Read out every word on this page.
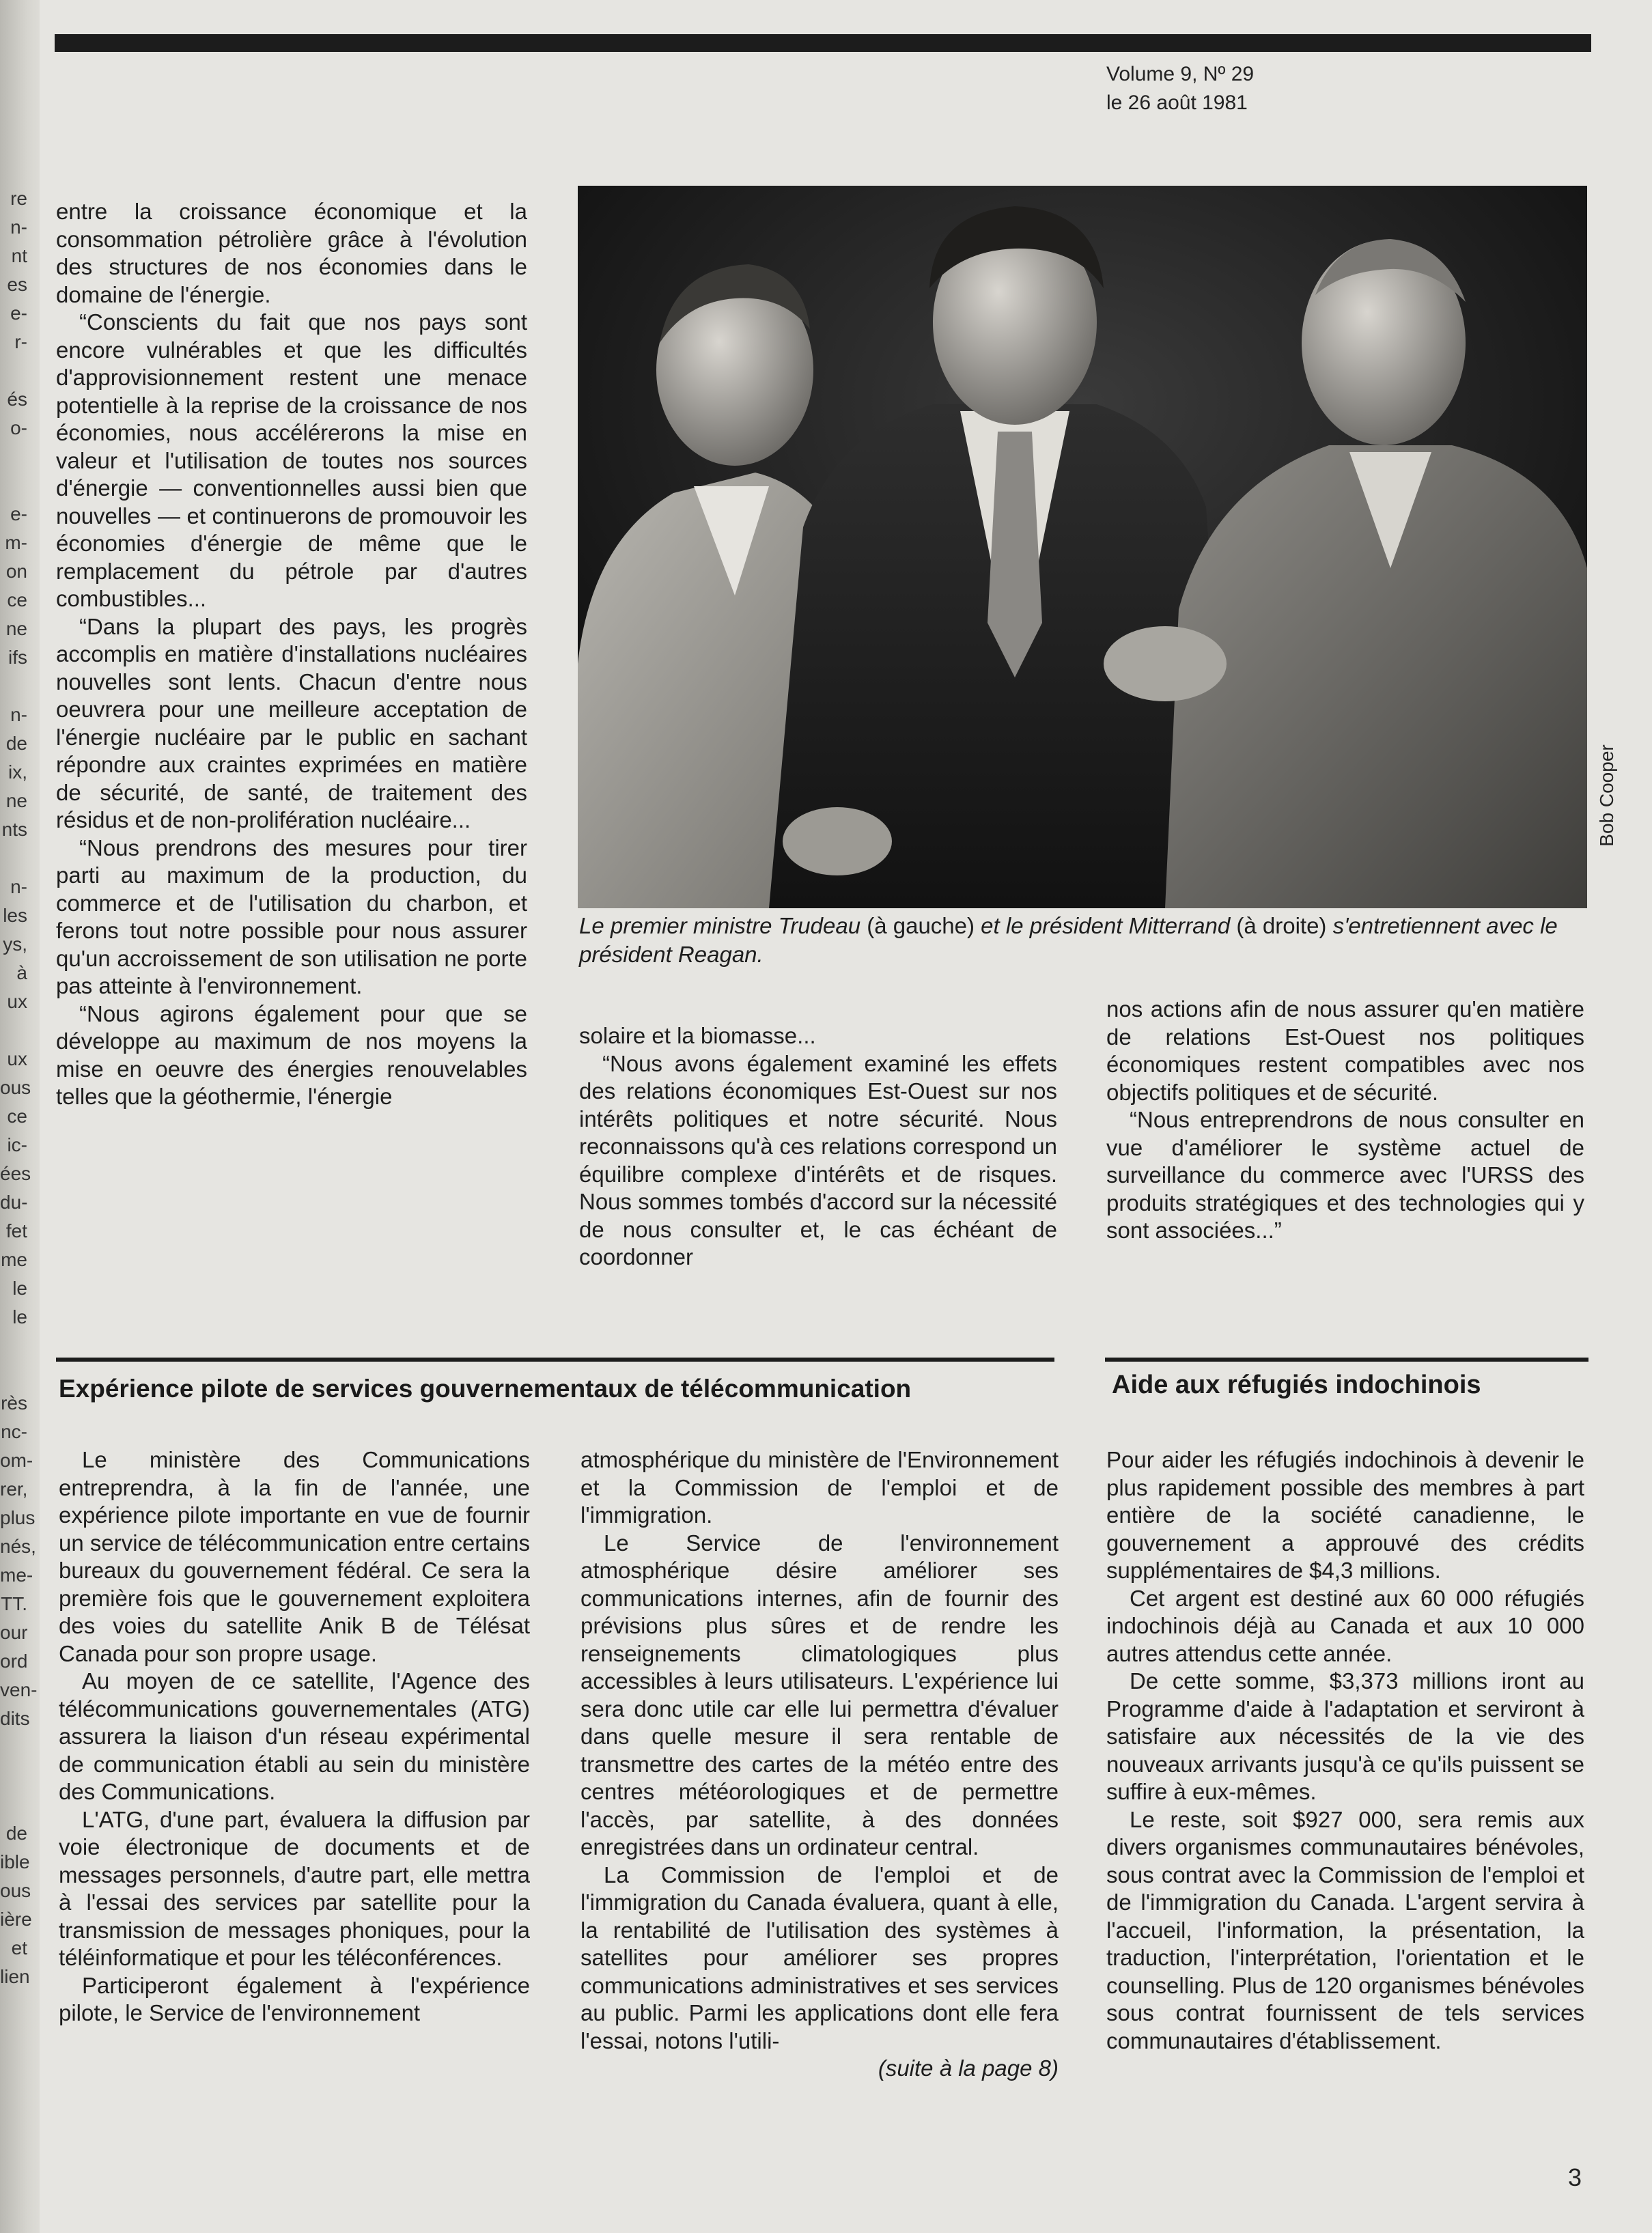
re
n-
nt
es
e-
r-
és
o-
e-
m-
on
ce
ne
ifs
n-
de
ix,
ne
nts
n-
les
ys,
à
ux
ux
ous
ce
ic-
ées
du-
fet
me
le
le
rès
nc-
om-
rer,
plus
nés,
me-
TT.
our
ord
ven-
dits
de
ible
ous
ière
et
lien
Volume 9, Nº 29
le 26 août 1981

entre la croissance économique et la consommation pétrolière grâce à l'évolution des structures de nos économies dans le domaine de l'énergie.

“Conscients du fait que nos pays sont encore vulnérables et que les difficultés d'approvisionnement restent une menace potentielle à la reprise de la croissance de nos économies, nous accélérerons la mise en valeur et l'utilisation de toutes nos sources d'énergie — conventionnelles aussi bien que nouvelles — et continuerons de promouvoir les économies d'énergie de même que le remplacement du pétrole par d'autres combustibles...

“Dans la plupart des pays, les progrès accomplis en matière d'installations nucléaires nouvelles sont lents. Chacun d'entre nous oeuvrera pour une meilleure acceptation de l'énergie nucléaire par le public en sachant répondre aux craintes exprimées en matière de sécurité, de santé, de traitement des résidus et de non-prolifération nucléaire...

“Nous prendrons des mesures pour tirer parti au maximum de la production, du commerce et de l'utilisation du charbon, et ferons tout notre possible pour nous assurer qu'un accroissement de son utilisation ne porte pas atteinte à l'environnement.

“Nous agirons également pour que se développe au maximum de nos moyens la mise en oeuvre des énergies renouvelables telles que la géothermie, l'énergie

Bob Cooper
Le premier ministre Trudeau (à gauche) et le président Mitterrand (à droite) s'entretiennent avec le président Reagan.

solaire et la biomasse...

“Nous avons également examiné les effets des relations économiques Est-Ouest sur nos intérêts politiques et notre sécurité. Nous reconnaissons qu'à ces relations correspond un équilibre complexe d'intérêts et de risques. Nous sommes tombés d'accord sur la nécessité de nous consulter et, le cas échéant de coordonner

nos actions afin de nous assurer qu'en matière de relations Est-Ouest nos politiques économiques restent compatibles avec nos objectifs politiques et de sécurité.

“Nous entreprendrons de nous consulter en vue d'améliorer le système actuel de surveillance du commerce avec l'URSS des produits stratégiques et des technologies qui y sont associées...”

Expérience pilote de services gouvernementaux de télécommunication

Le ministère des Communications entreprendra, à la fin de l'année, une expérience pilote importante en vue de fournir un service de télécommunication entre certains bureaux du gouvernement fédéral. Ce sera la première fois que le gouvernement exploitera des voies du satellite Anik B de Télésat Canada pour son propre usage.

Au moyen de ce satellite, l'Agence des télécommunications gouvernementales (ATG) assurera la liaison d'un réseau expérimental de communication établi au sein du ministère des Communications.

L'ATG, d'une part, évaluera la diffusion par voie électronique de documents et de messages personnels, d'autre part, elle mettra à l'essai des services par satellite pour la transmission de messages phoniques, pour la téléinformatique et pour les téléconférences.

Participeront également à l'expérience pilote, le Service de l'environnement

atmosphérique du ministère de l'Environnement et la Commission de l'emploi et de l'immigration.

Le Service de l'environnement atmosphérique désire améliorer ses communications internes, afin de fournir des prévisions plus sûres et de rendre les renseignements climatologiques plus accessibles à leurs utilisateurs. L'expérience lui sera donc utile car elle lui permettra d'évaluer dans quelle mesure il sera rentable de transmettre des cartes de la météo entre des centres météorologiques et de permettre l'accès, par satellite, à des données enregistrées dans un ordinateur central.

La Commission de l'emploi et de l'immigration du Canada évaluera, quant à elle, la rentabilité de l'utilisation des systèmes à satellites pour améliorer ses propres communications administratives et ses services au public. Parmi les applications dont elle fera l'essai, notons l'utili-

(suite à la page 8)

Aide aux réfugiés indochinois

Pour aider les réfugiés indochinois à devenir le plus rapidement possible des membres à part entière de la société canadienne, le gouvernement a approuvé des crédits supplémentaires de $4,3 millions.

Cet argent est destiné aux 60 000 réfugiés indochinois déjà au Canada et aux 10 000 autres attendus cette année.

De cette somme, $3,373 millions iront au Programme d'aide à l'adaptation et serviront à satisfaire aux nécessités de la vie des nouveaux arrivants jusqu'à ce qu'ils puissent se suffire à eux-mêmes.

Le reste, soit $927 000, sera remis aux divers organismes communautaires bénévoles, sous contrat avec la Commission de l'emploi et de l'immigration du Canada. L'argent servira à l'accueil, l'information, la présentation, la traduction, l'interprétation, l'orientation et le counselling. Plus de 120 organismes bénévoles sous contrat fournissent de tels services communautaires d'établissement.

3
